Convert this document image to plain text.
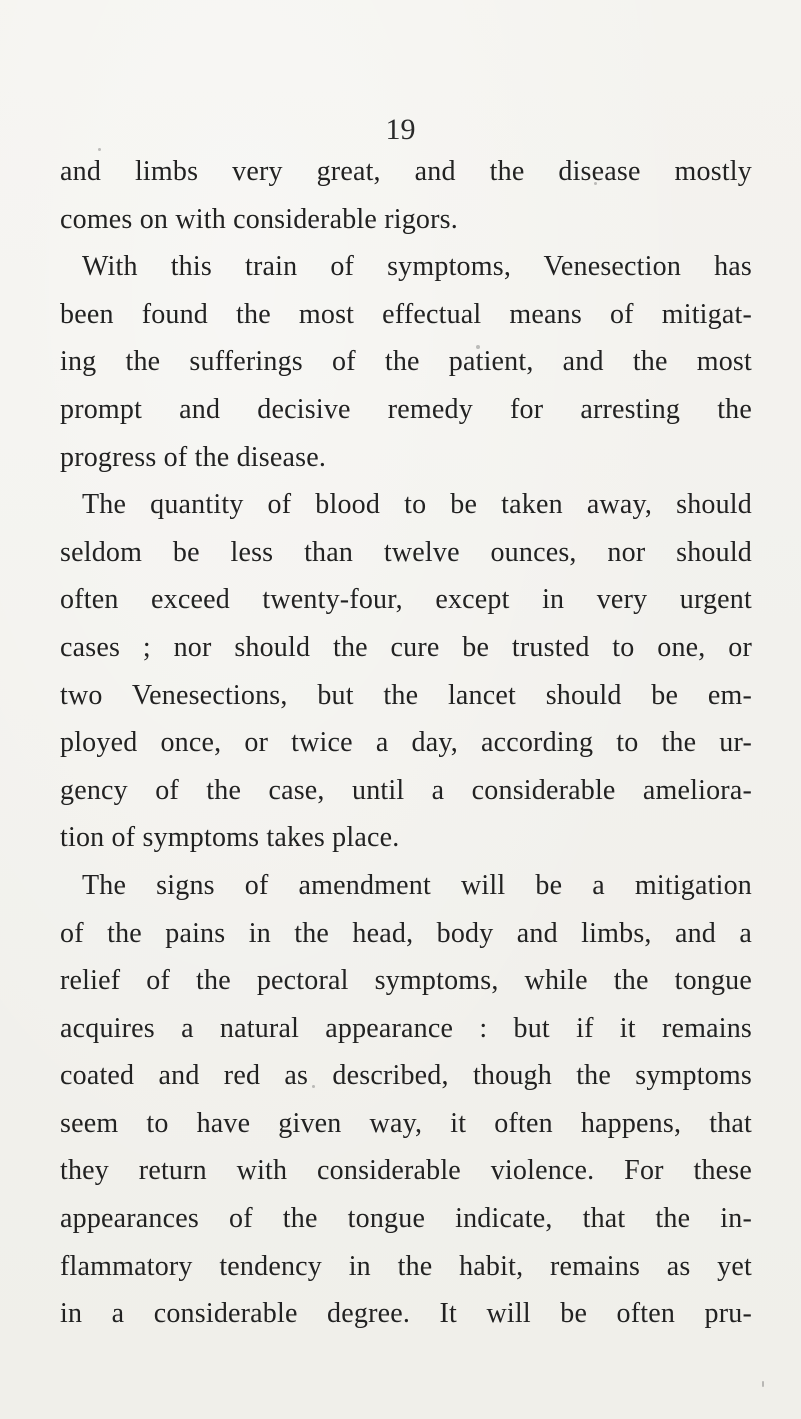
19
and limbs very great, and the disease mostly
comes on with considerable rigors.
With this train of symptoms, Venesection has
been found the most effectual means of mitigat-
ing the sufferings of the patient, and the most
prompt and decisive remedy for arresting the
progress of the disease.
The quantity of blood to be taken away, should
seldom be less than twelve ounces, nor should
often exceed twenty-four, except in very urgent
cases ; nor should the cure be trusted to one, or
two Venesections, but the lancet should be em-
ployed once, or twice a day, according to the ur-
gency of the case, until a considerable ameliora-
tion of symptoms takes place.
The signs of amendment will be a mitigation
of the pains in the head, body and limbs, and a
relief of the pectoral symptoms, while the tongue
acquires a natural appearance : but if it remains
coated and red as described, though the symptoms
seem to have given way, it often happens, that
they return with considerable violence. For these
appearances of the tongue indicate, that the in-
flammatory tendency in the habit, remains as yet
in a considerable degree. It will be often pru-
